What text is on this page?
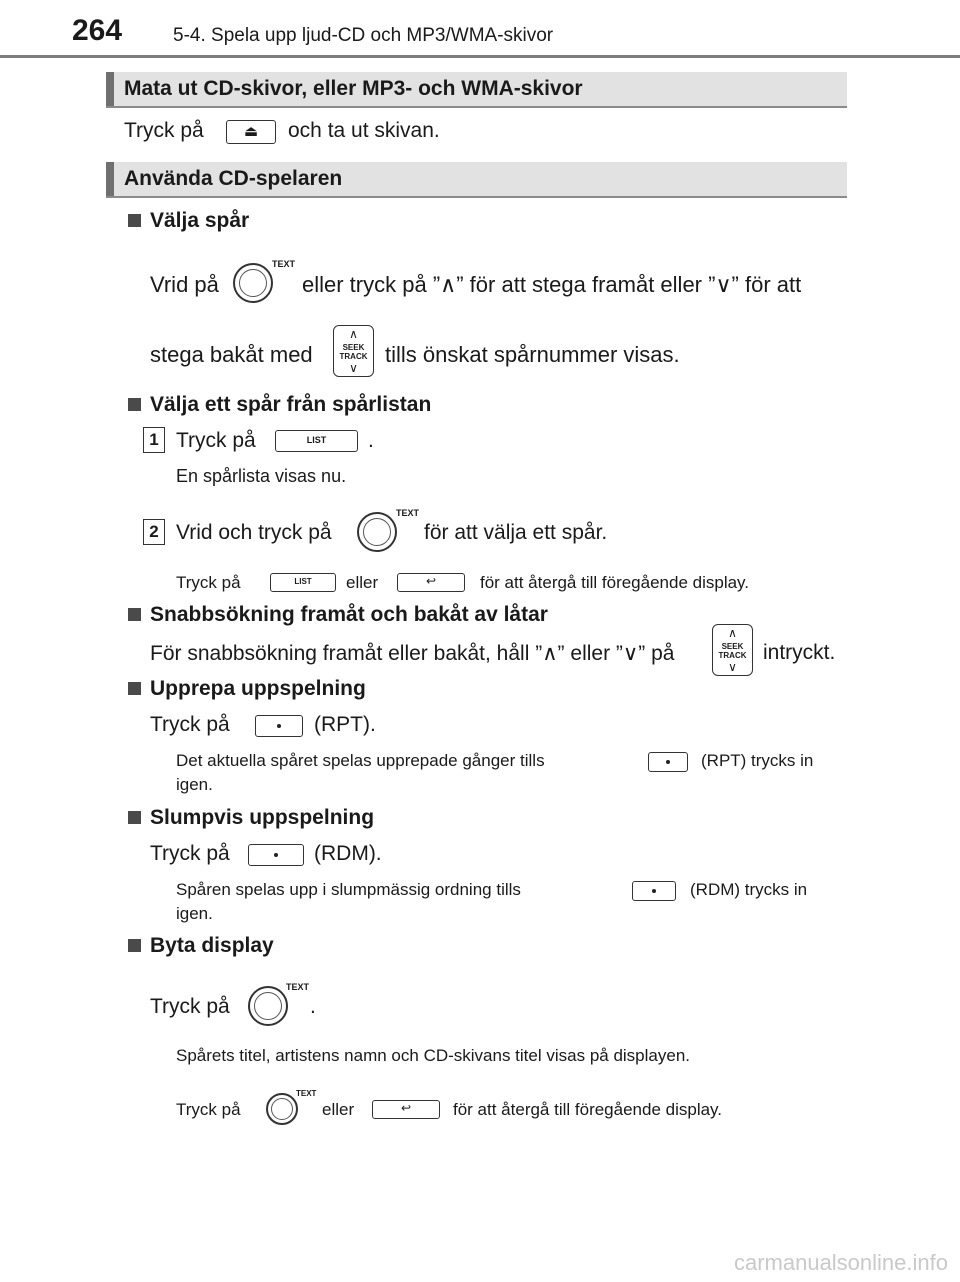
264	5-4. Spela upp ljud-CD och MP3/WMA-skivor
Mata ut CD-skivor, eller MP3- och WMA-skivor
Tryck på	⏏	och ta ut skivan.
Använda CD-spelaren
Välja spår
Vrid på
TEXT
eller tryck på ”∧” för att stega framåt eller ”∨” för att
stega bakåt med
∧
SEEK
TRACK
∨
tills önskat spårnummer visas.
Välja ett spår från spårlistan
1 Tryck på	LIST	.
En spårlista visas nu.
2 Vrid och tryck på
TEXT
för att välja ett spår.
Tryck på	LIST	eller	↩	för att återgå till föregående display.
Snabbsökning framåt och bakåt av låtar
För snabbsökning framåt eller bakåt, håll ”∧” eller ”∨” på
∧
SEEK
TRACK
∨
intryckt.
Upprepa uppspelning
Tryck på	(RPT).
Det aktuella spåret spelas upprepade gånger tills	(RPT) trycks in
igen.
Slumpvis uppspelning
Tryck på	(RDM).
Spåren spelas upp i slumpmässig ordning tills	(RDM) trycks in
igen.
Byta display
Tryck på
TEXT
.
Spårets titel, artistens namn och CD-skivans titel visas på displayen.
Tryck på
TEXT
eller	↩	för att återgå till föregående display.
carmanualsonline.info
